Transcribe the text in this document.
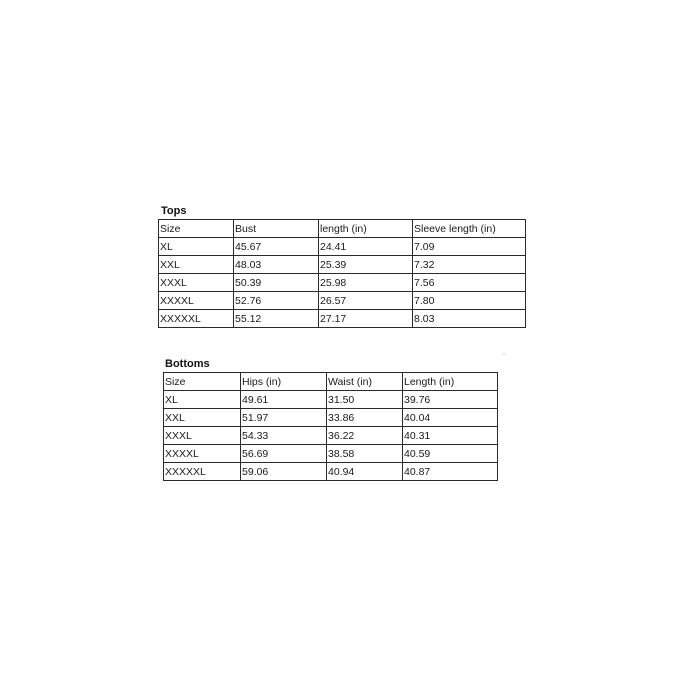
Tops
Size	Bust	length (in)	Sleeve length (in)
XL	45.67	24.41	7.09
XXL	48.03	25.39	7.32
XXXL	50.39	25.98	7.56
XXXXL	52.76	26.57	7.80
XXXXXL	55.12	27.17	8.03
Bottoms
Size	Hips (in)	Waist (in)	Length (in)
XL	49.61	31.50	39.76
XXL	51.97	33.86	40.04
XXXL	54.33	36.22	40.31
XXXXL	56.69	38.58	40.59
XXXXXL	59.06	40.94	40.87
